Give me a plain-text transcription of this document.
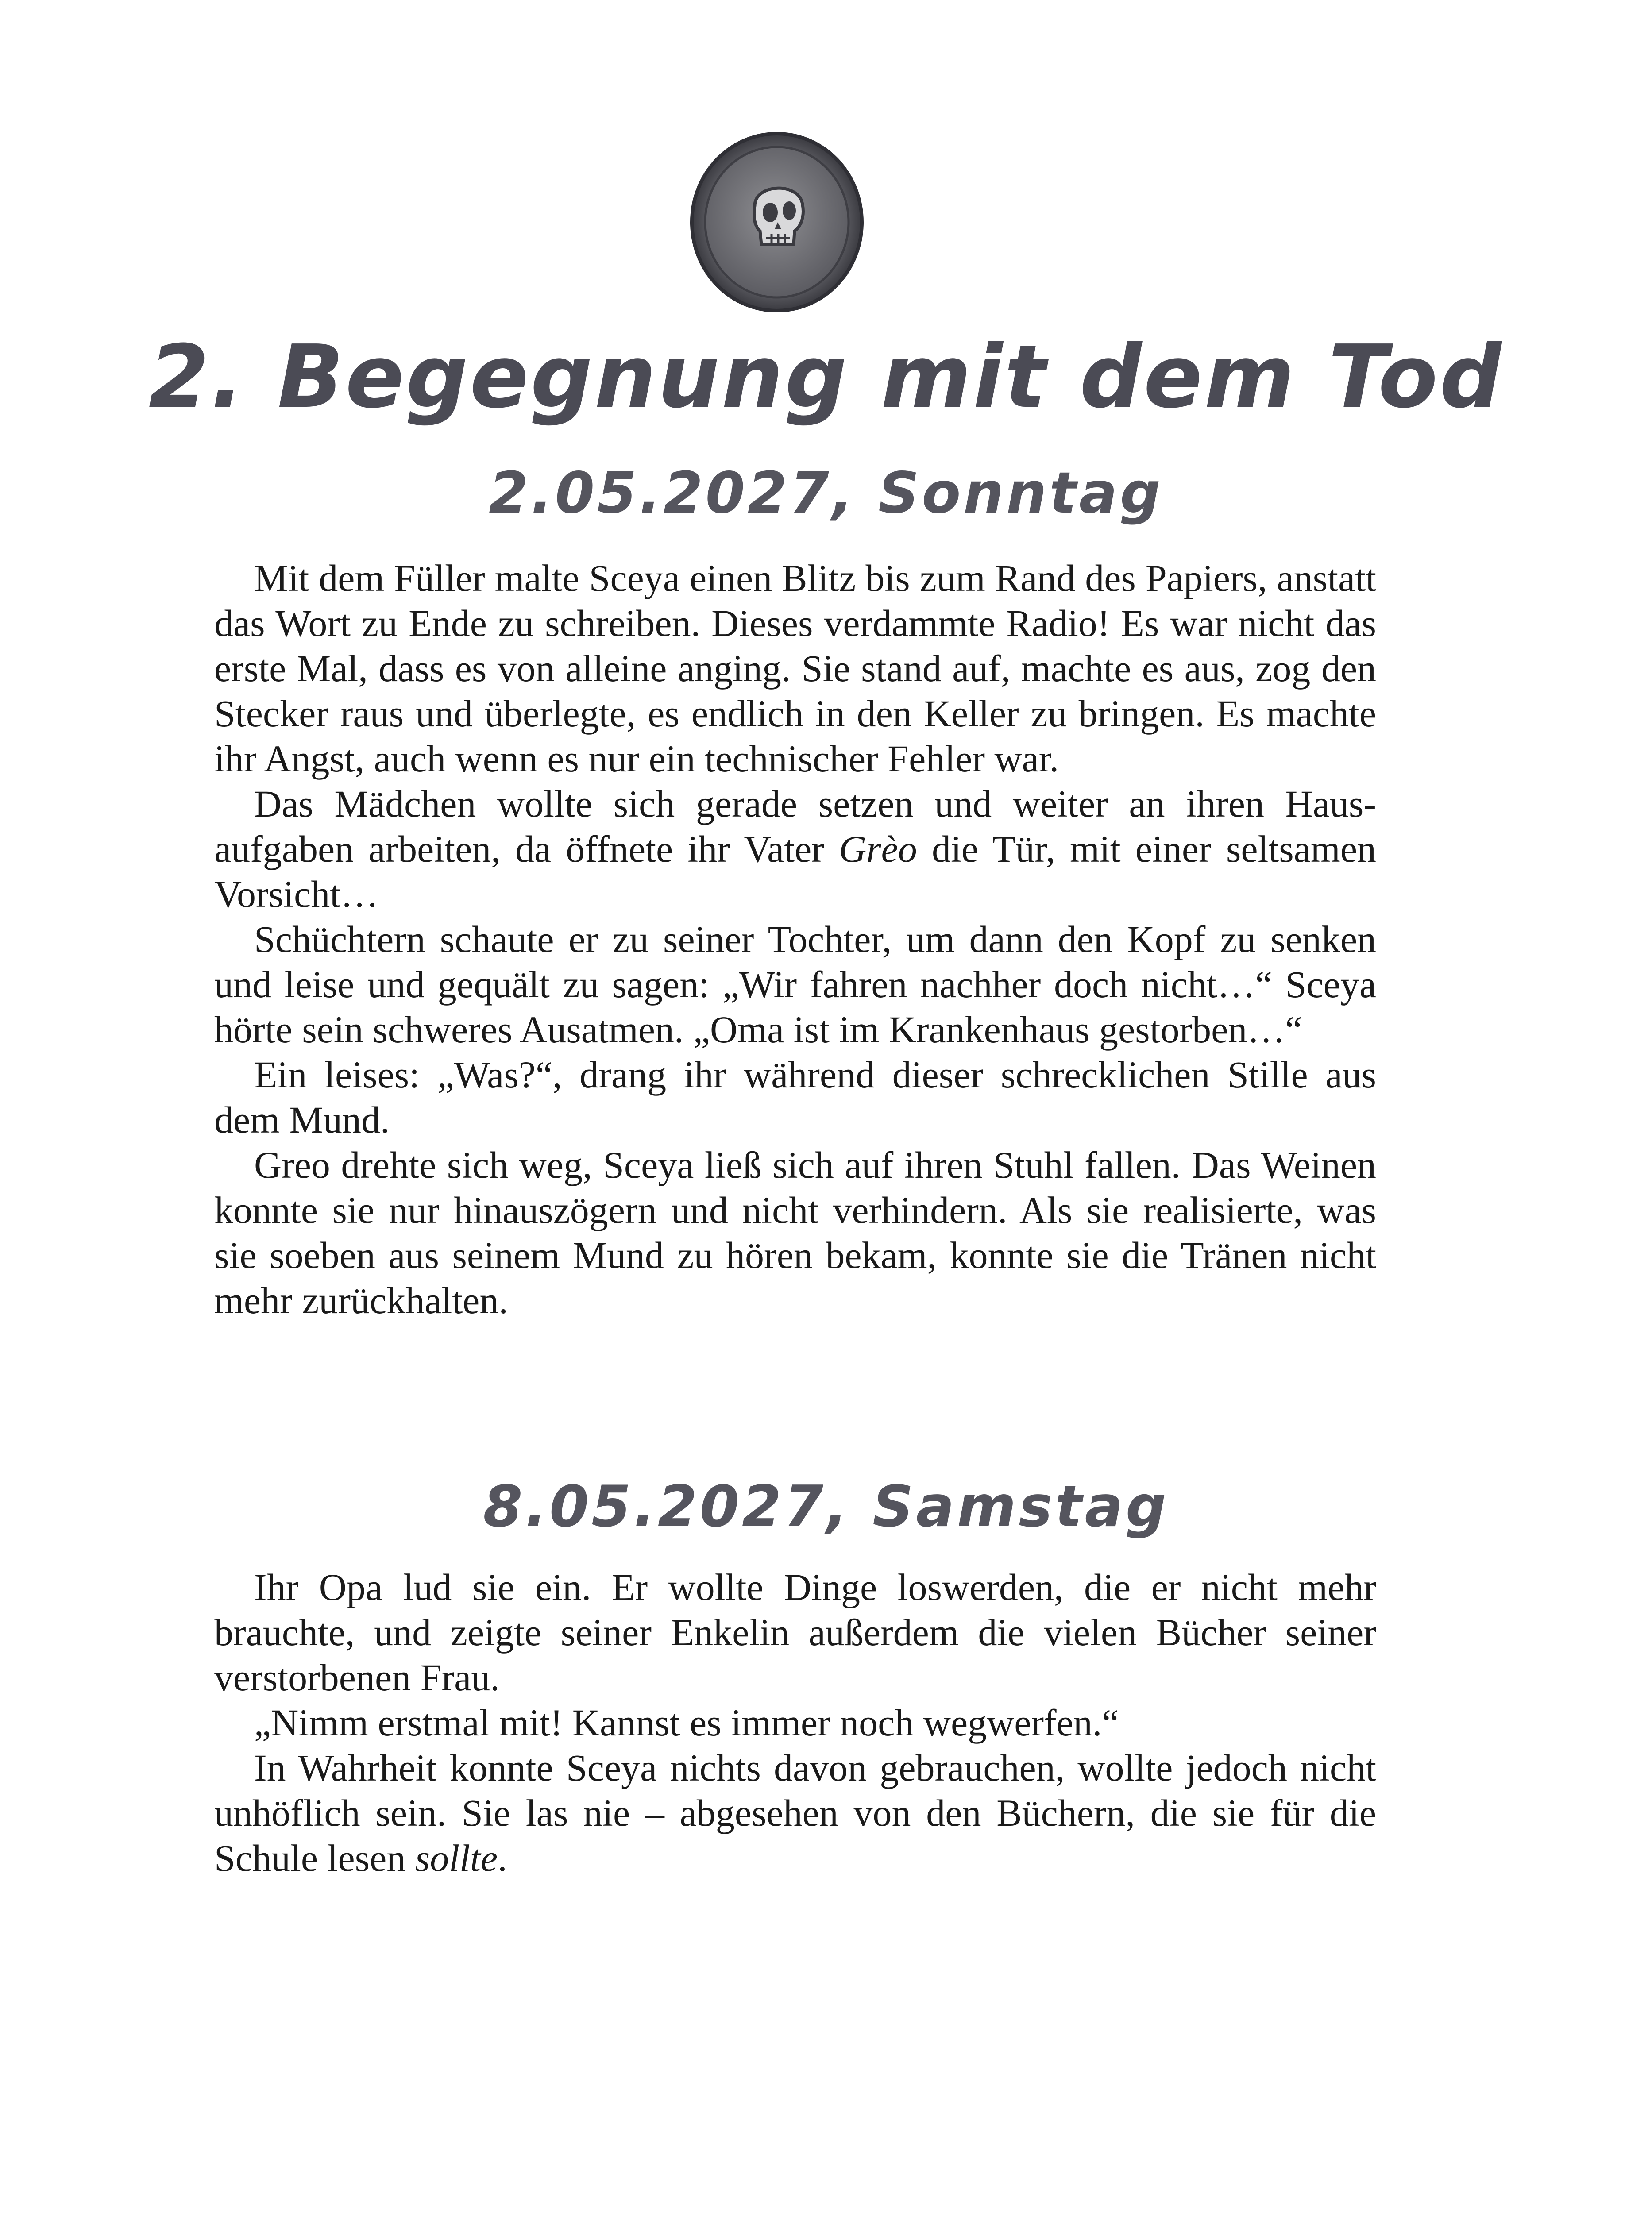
2. Begegnung mit dem Tod
2.05.2027, Sonntag

Mit dem Füller malte Sceya einen Blitz bis zum Rand des Papiers, anstatt das Wort zu Ende zu schreiben. Dieses verdammte Radio! Es war nicht das erste Mal, dass es von alleine anging. Sie stand auf, machte es aus, zog den Stecker raus und überlegte, es endlich in den Keller zu bringen. Es machte ihr Angst, auch wenn es nur ein technischer Fehler war.

Das Mädchen wollte sich gerade setzen und weiter an ihren Hausaufgaben arbeiten, da öffnete ihr Vater Grèo die Tür, mit einer seltsamen Vorsicht…

Schüchtern schaute er zu seiner Tochter, um dann den Kopf zu senken und leise und gequält zu sagen: „Wir fahren nachher doch nicht…“ Sceya hörte sein schweres Ausatmen. „Oma ist im Krankenhaus gestorben…“

Ein leises: „Was?“, drang ihr während dieser schrecklichen Stille aus dem Mund.

Greo drehte sich weg, Sceya ließ sich auf ihren Stuhl fallen. Das Weinen konnte sie nur hinauszögern und nicht verhindern. Als sie realisierte, was sie soeben aus seinem Mund zu hören bekam, konnte sie die Tränen nicht mehr zurückhalten.

8.05.2027, Samstag

Ihr Opa lud sie ein. Er wollte Dinge loswerden, die er nicht mehr brauchte, und zeigte seiner Enkelin außerdem die vielen Bücher seiner verstorbenen Frau.

„Nimm erstmal mit! Kannst es immer noch wegwerfen.“

In Wahrheit konnte Sceya nichts davon gebrauchen, wollte jedoch nicht unhöflich sein. Sie las nie – abgesehen von den Büchern, die sie für die Schule lesen sollte.
